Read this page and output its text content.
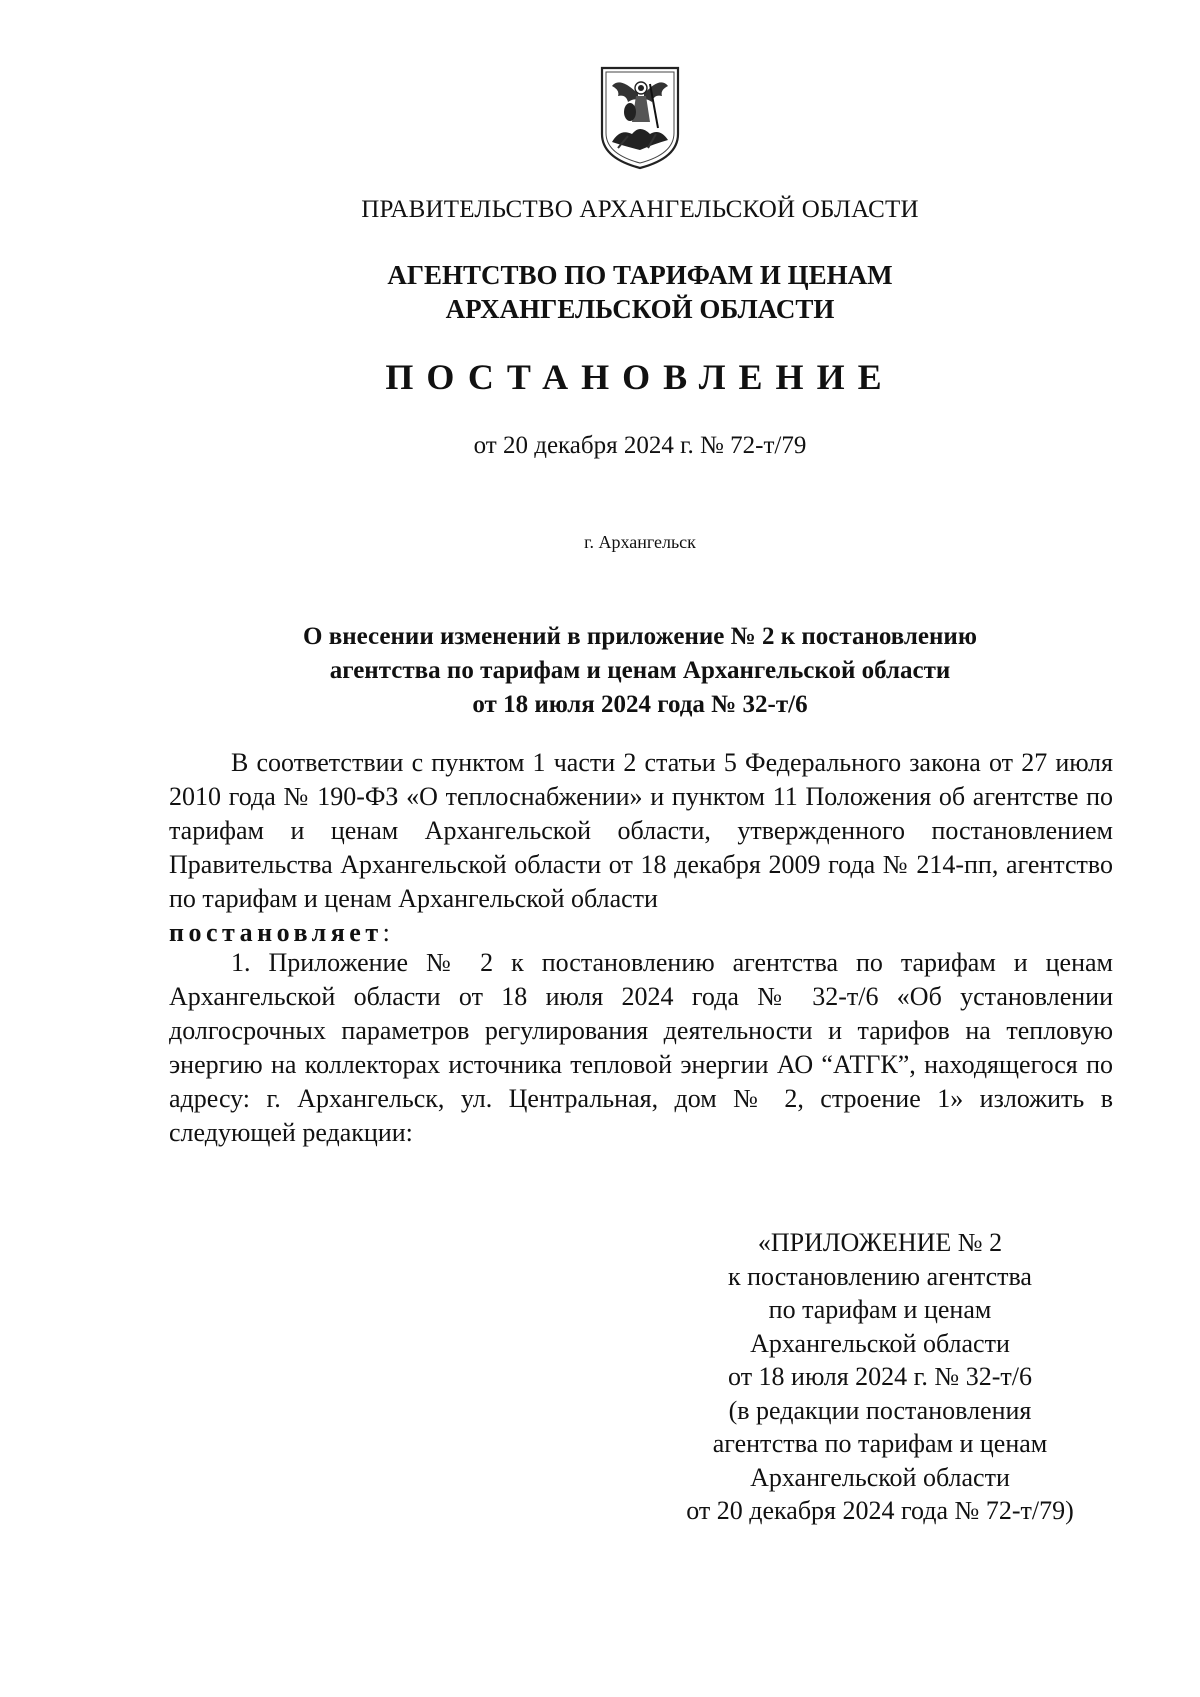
ПРАВИТЕЛЬСТВО АРХАНГЕЛЬСКОЙ ОБЛАСТИ
АГЕНТСТВО ПО ТАРИФАМ И ЦЕНАМ
АРХАНГЕЛЬСКОЙ ОБЛАСТИ
ПОСТАНОВЛЕНИЕ
от 20 декабря 2024 г. № 72-т/79
г. Архангельск
О внесении изменений в приложение № 2 к постановлению
агентства по тарифам и ценам Архангельской области
от 18 июля 2024 года № 32-т/6
В соответствии с пунктом 1 части 2 статьи 5 Федерального закона от 27 июля 2010 года № 190-ФЗ «О теплоснабжении» и пунктом 11 Положения об агентстве по тарифам и ценам Архангельской области, утвержденного постановлением Правительства Архангельской области от 18 декабря 2009 года № 214-пп, агентство по тарифам и ценам Архангельской области
постановляет:
1. Приложение № 2 к постановлению агентства по тарифам и ценам Архангельской области от 18 июля 2024 года № 32-т/6 «Об установлении долгосрочных параметров регулирования деятельности и тарифов на тепловую энергию на коллекторах источника тепловой энергии АО “АТГК”, находящегося по адресу: г. Архангельск, ул. Центральная, дом № 2, строение 1» изложить в следующей редакции:
«ПРИЛОЖЕНИЕ № 2
к постановлению агентства
по тарифам и ценам
Архангельской области
от 18 июля 2024 г. № 32-т/6
(в редакции постановления
агентства по тарифам и ценам
Архангельской области
от 20 декабря 2024 года № 72-т/79)
